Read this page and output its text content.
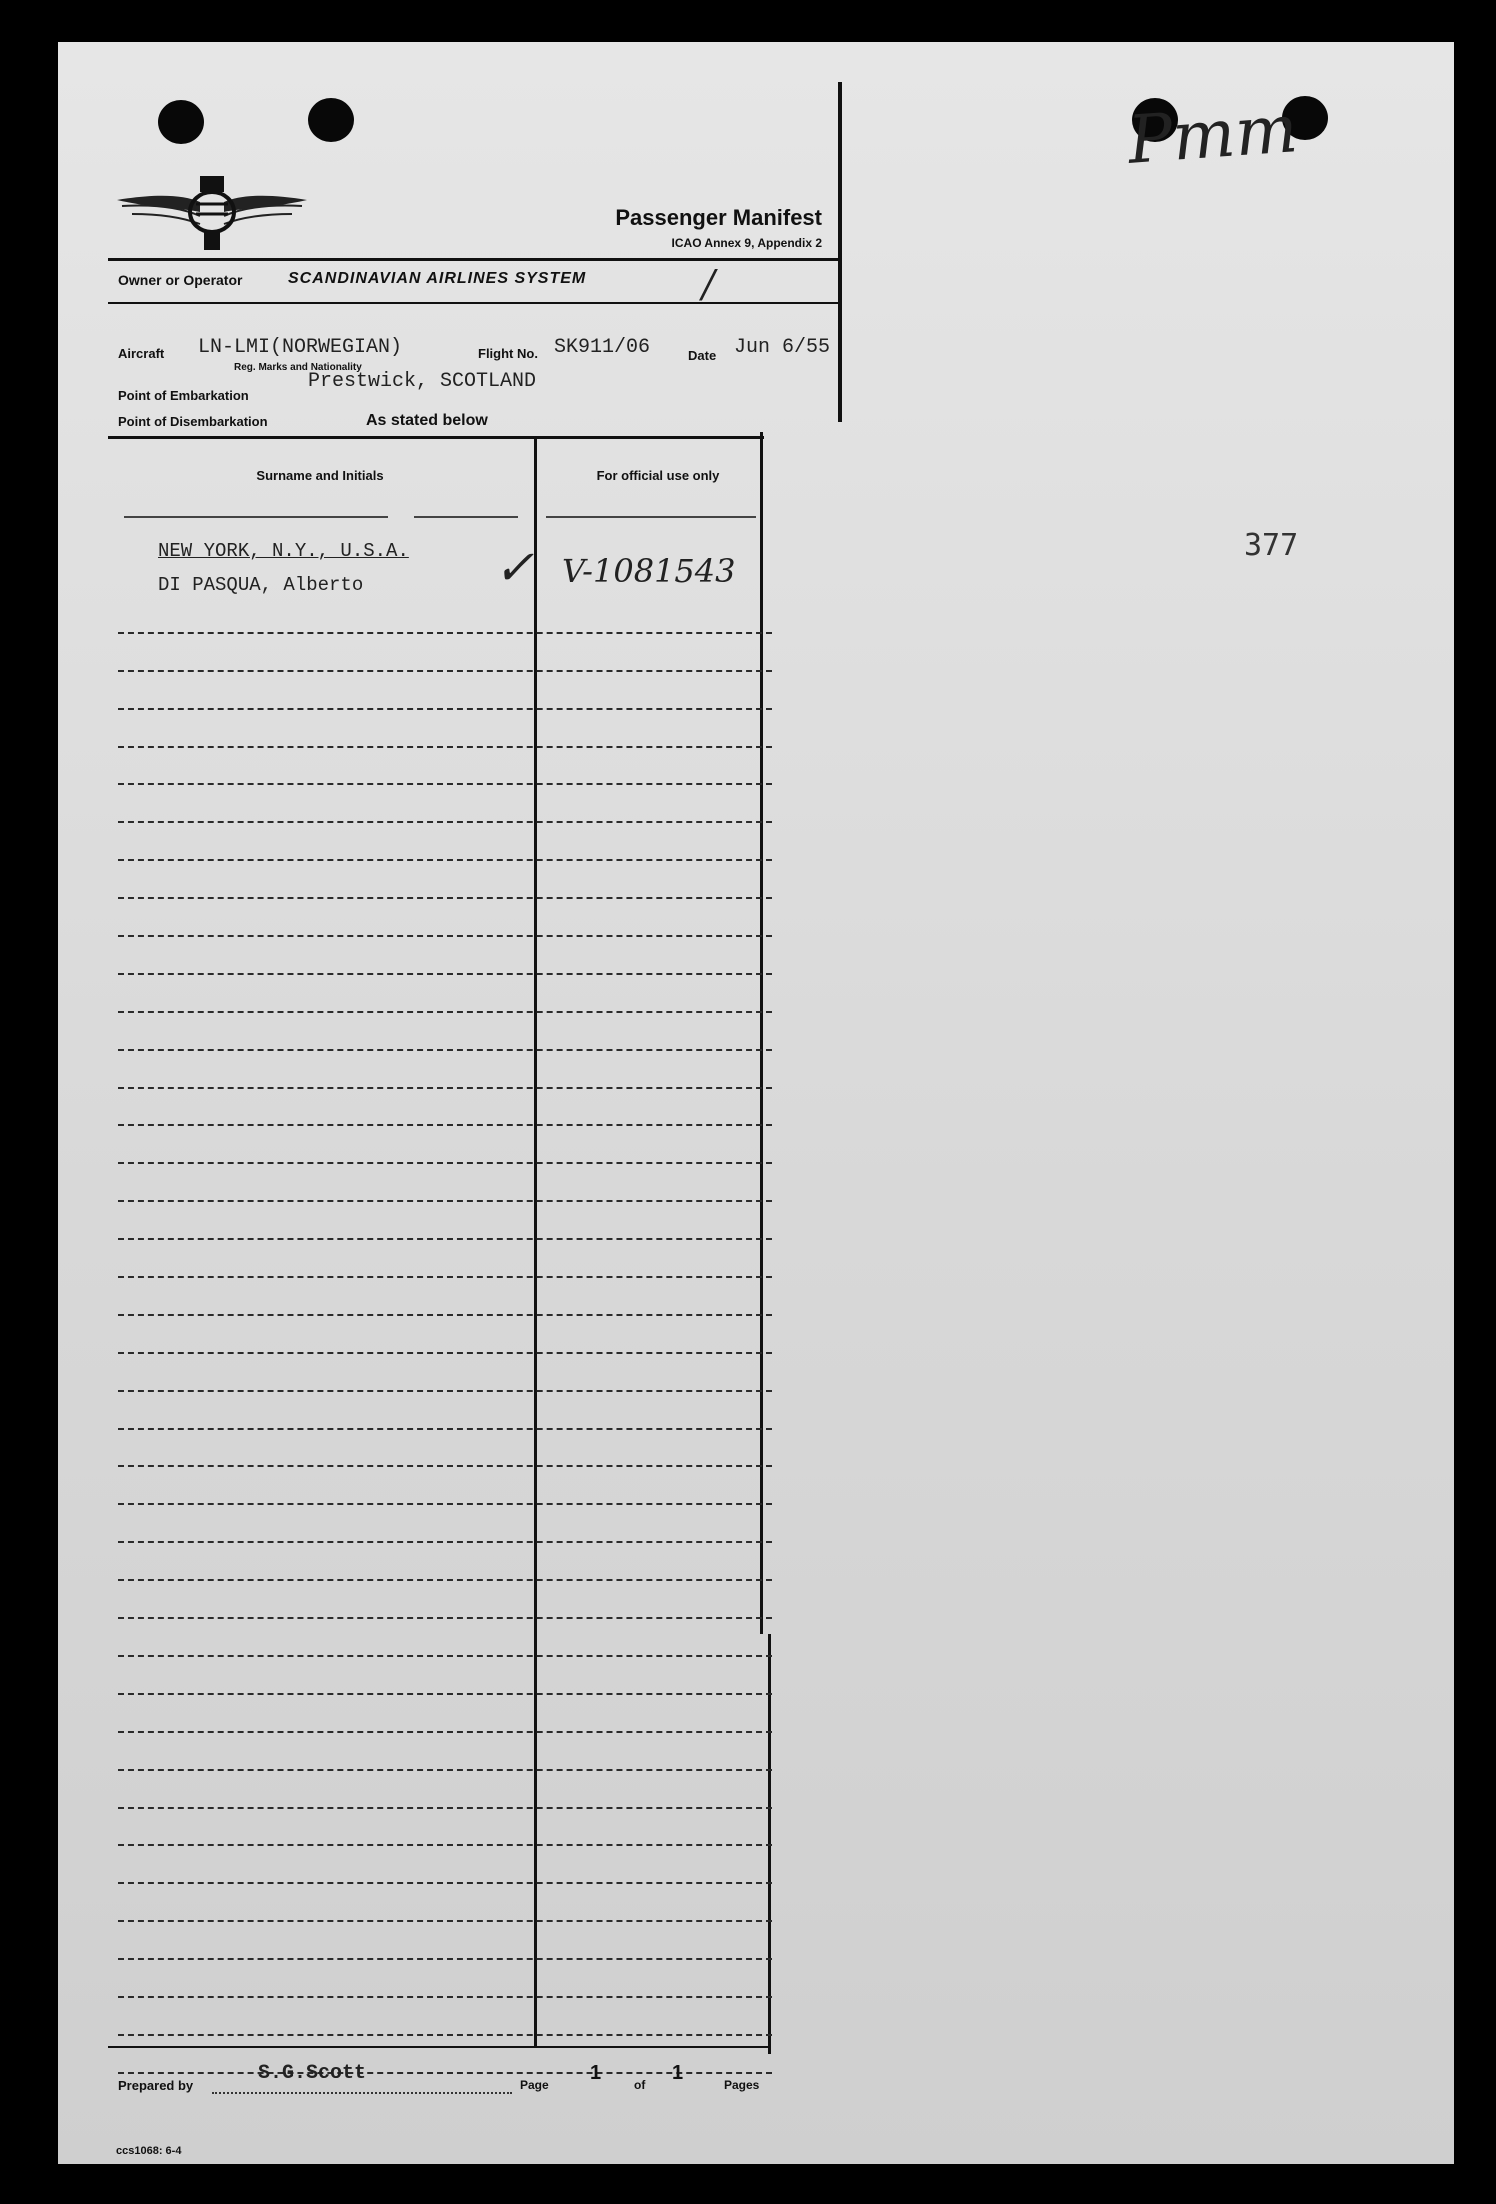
Pmm
Passenger Manifest
ICAO Annex 9, Appendix 2
Owner or Operator	SCANDINAVIAN AIRLINES SYSTEM	/
Aircraft LN-LMI(NORWEGIAN)
Reg. Marks and Nationality
Flight No. SK911/06	Date Jun 6/55
Point of Embarkation
Prestwick, SCOTLAND
Point of Disembarkation	As stated below
Surname and Initials	For official use only
NEW YORK, N.Y., U.S.A.
DI PASQUA, Alberto	✓ V-1081543
Prepared by
S.G.Scott	Page
1
of
1
Pages
ccs1068: 6-4
377
